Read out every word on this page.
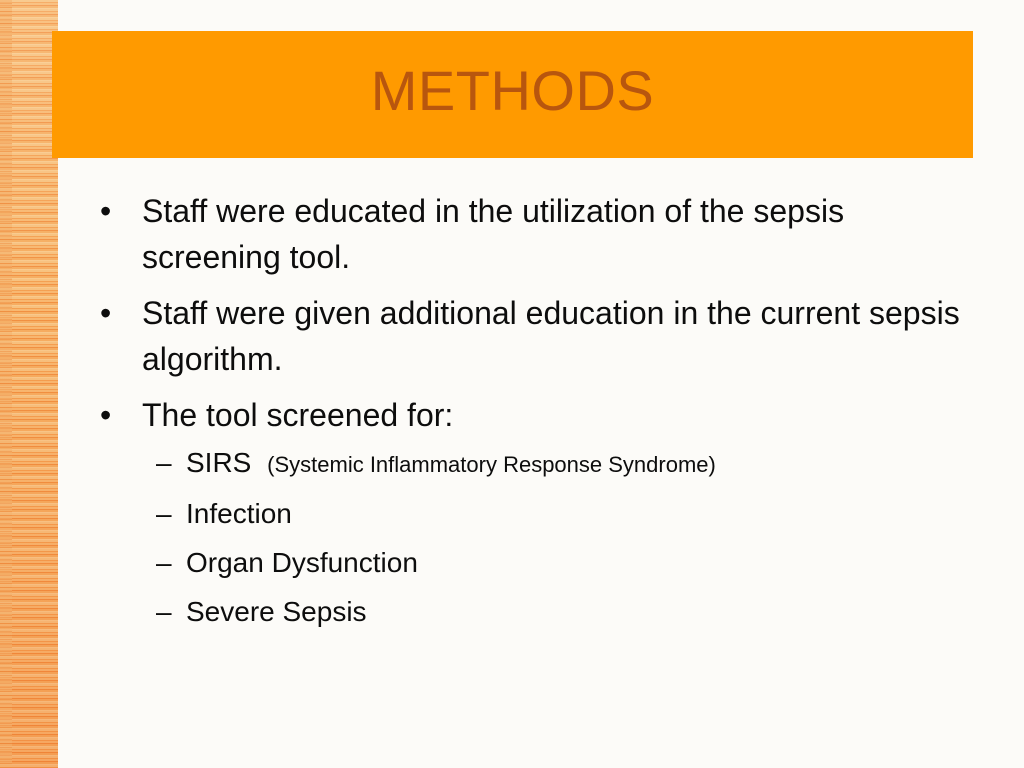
METHODS
• Staff were educated in the utilization of the sepsis screening tool.
• Staff were given additional education in the current sepsis algorithm.
• The tool screened for:
– SIRS (Systemic Inflammatory Response Syndrome)
– Infection
– Organ Dysfunction
– Severe Sepsis
